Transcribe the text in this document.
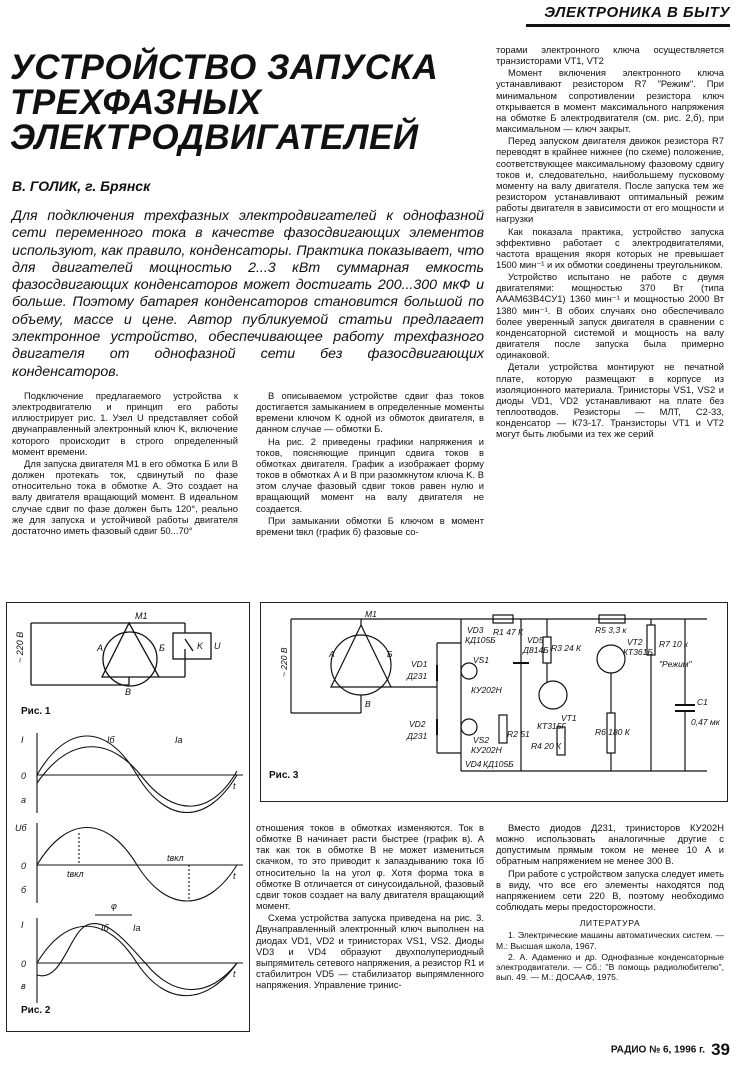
ЭЛЕКТРОНИКА В БЫТУ
УСТРОЙСТВО ЗАПУСКА
ТРЕХФАЗНЫХ
ЭЛЕКТРОДВИГАТЕЛЕЙ
В. ГОЛИК, г. Брянск

Для подключения трехфазных электродвигателей к однофазной сети переменного тока в качестве фазосдвигающих элементов используют, как правило, конденсаторы. Практика показывает, что для двигателей мощностью 2...3 кВт суммарная емкость фазосдвигающих конденсаторов может достигать 200...300 мкФ и больше. Поэтому батарея конденсаторов становится большой по объему, массе и цене. Автор публикуемой статьи предлагает электронное устройство, обеспечивающее работу трехфазного двигателя от однофазной сети без фазосдвигающих конденсаторов.

Подключение предлагаемого устройства к электродвигателю и принцип его работы иллюстрирует рис. 1. Узел U представляет собой двунаправленный электронный ключ K, включение которого происходит в строго определенный момент времени.

Для запуска двигателя M1 в его обмотка Б или В должен протекать ток, сдвинутый по фазе относительно тока в обмотке А. Это создает на валу двигателя вращающий момент. В идеальном случае сдвиг по фазе должен быть 120°, реально же для запуска и устойчивой работы двигателя достаточно иметь фазовый сдвиг 50...70°

В описываемом устройстве сдвиг фаз токов достигается замыканием в определенные моменты времени ключом K одной из обмоток двигателя, в данном случае — обмотки Б.

На рис. 2 приведены графики напряжения и токов, поясняющие принцип сдвига токов в обмотках двигателя. График а изображает форму токов в обмотках А и В при разомкнутом ключа K. В этом случае фазовый сдвиг токов равен нулю и вращающий момент на валу двигателя не создается.

При замыкании обмотки Б ключом в момент времени tвкл (график б) фазовые со-

торами электронного ключа осуществляется транзисторами VT1, VT2

Момент включения электронного ключа устанавливают резистором R7 "Режим". При минимальном сопротивлении резистора ключ открывается в момент максимального напряжения на обмотке Б электродвигателя (см. рис. 2,б), при максимальном — ключ закрыт.

Перед запуском двигателя движок резистора R7 переводят в крайнее нижнее (по схеме) положение, соответствующее максимальному фазовому сдвигу токов и, следовательно, наибольшему пусковому моменту на валу двигателя. После запуска тем же резистором устанавливают оптимальный режим работы двигателя в зависимости от его мощности и нагрузки

Как показала практика, устройство запуска эффективно работает с электродвигателями, частота вращения якоря которых не превышает 1500 мин⁻¹ и их обмотки соединены треугольником.

Устройство испытано не работе с двумя двигателями: мощностью 370 Вт (типа AAAM63B4CУ1) 1360 мин⁻¹ и мощностью 2000 Вт 1380 мин⁻¹. В обоих случаях оно обеспечивало более уверенный запуск двигателя в сравнении с конденсаторной системой и мощность на валу двигателя после запуска была примерно одинаковой.

Детали устройства монтируют не печатной плате, которую размещают в корпусе из изоляционного материала. Тринисторы VS1, VS2 и диоды VD1, VD2 устанавливают на плате без теплоотводов. Резисторы — МЛТ, С2-33, конденсатор — К73-17. Транзисторы VT1 и VT2 могут быть любыми из тех же серий

отношения токов в обмотках изменяются. Ток в обмотке В начинает расти быстрее (график в). А так как ток в обмотке В не может измениться скачком, то это приводит к запаздыванию тока Iб относительно Iа на угол φ. Хотя форма тока в обмотке В отличается от синусоидальной, фазовый сдвиг токов создает на валу двигателя вращающий момент.

Схема устройства запуска приведена на рис. 3. Двунаправленный электронный ключ выполнен на диодах VD1, VD2 и тринисторах VS1, VS2. Диоды VD3 и VD4 образуют двухполупериодный выпрямитель сетевого напряжения, а резистор R1 и стабилитрон VD5 — стабилизатор выпрямленного напряжения. Управление тринис-

Вместо диодов Д231, тринисторов КУ202Н можно использовать аналогичные другие с допустимым прямым током не менее 10 А и обратным напряжением не менее 300 В.

При работе с устройством запуска следует иметь в виду, что все его элементы находятся под напряжением сети 220 В, поэтому необходимо соблюдать меры предосторожности.

ЛИТЕРАТУРА

1. Электрические машины автоматических систем. — М.: Высшая школа, 1967.

2. А. Адаменко и др. Однофазные конденсаторные электродвигатели. — Сб.: "В помощь радиолюбителю", вып. 49. — М.: ДОСААФ, 1975.

~ 220 B
M1
А	Б
В
K U
I
0
Iб	Iа
t
a
Uб
0
tвкл
tвкл
t
б
I
0
φ
Iб	Iа
t
в
Рис. 1
Рис. 2
~ 220 B
M1
А	Б
В
VD3
КД105Б
R1 47 К
VD5
Д814Б R3 24 К
R5 3,3 к
VT2
КТ361Б
R7 10 к
"Режим"
VD1
Д231
VS1
КУ202Н
VT1
КТ315Г
С1
0,47 мк
VD2
Д231	VS2
КУ202Н
R2 51
R4 20 К
R6 180 К
VD4 КД105Б
Рис. 3
РАДИО № 6, 1996 г. 39
